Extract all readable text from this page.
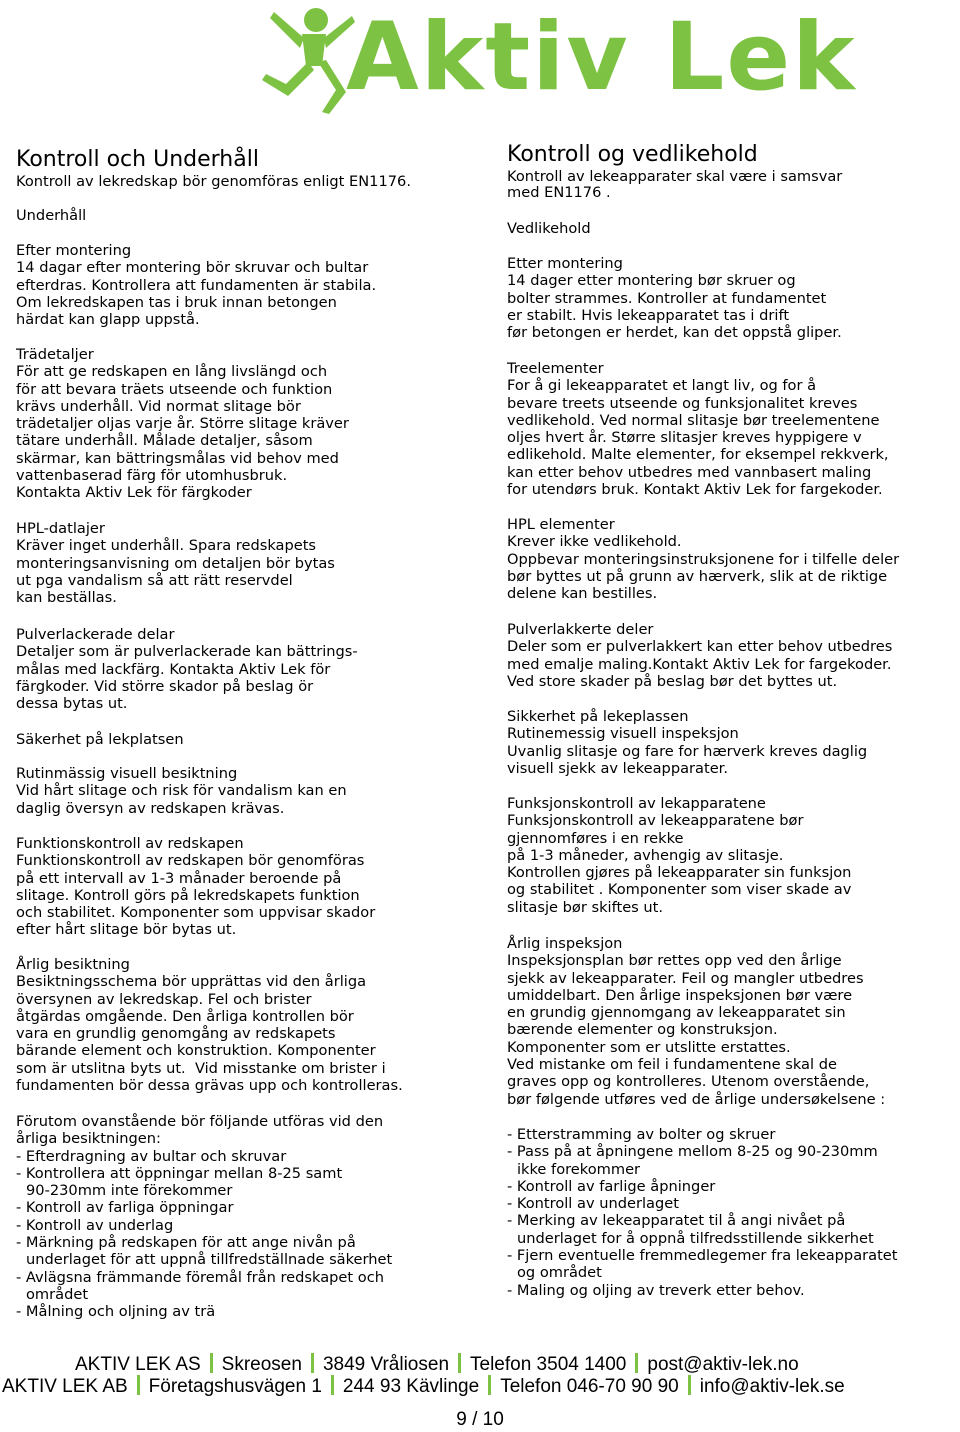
Aktiv Lek
Kontroll och Underhåll

Kontroll av lekredskap bör genomföras enligt EN1176.

Underhåll

Efter montering

14 dagar efter montering bör skruvar och bultar
efterdras. Kontrollera att fundamenten är stabila.
Om lekredskapen tas i bruk innan betongen
härdat kan glapp uppstå.

Trädetaljer

För att ge redskapen en lång livslängd och
för att bevara träets utseende och funktion
krävs underhåll. Vid normat slitage bör
trädetaljer oljas varje år. Större slitage kräver
tätare underhåll. Målade detaljer, såsom
skärmar, kan bättringsmålas vid behov med
vattenbaserad färg för utomhusbruk.
Kontakta Aktiv Lek för färgkoder

HPL-datlajer

Kräver inget underhåll. Spara redskapets
monteringsanvisning om detaljen bör bytas
ut pga vandalism så att rätt reservdel
kan beställas.

Pulverlackerade delar

Detaljer som är pulverlackerade kan bättrings-
målas med lackfärg. Kontakta Aktiv Lek för
färgkoder. Vid större skador på beslag ör
dessa bytas ut.

Säkerhet på lekplatsen

Rutinmässig visuell besiktning

Vid hårt slitage och risk för vandalism kan en
daglig översyn av redskapen krävas.

Funktionskontroll av redskapen

Funktionskontroll av redskapen bör genomföras
på ett intervall av 1-3 månader beroende på
slitage. Kontroll görs på lekredskapets funktion
och stabilitet. Komponenter som uppvisar skador
efter hårt slitage bör bytas ut.

Årlig besiktning

Besiktningsschema bör upprättas vid den årliga
översynen av lekredskap. Fel och brister
åtgärdas omgående. Den årliga kontrollen bör
vara en grundlig genomgång av redskapets
bärande element och konstruktion. Komponenter
som är utslitna byts ut.  Vid misstanke om brister i
fundamenten bör dessa grävas upp och kontrolleras.

Förutom ovanstående bör följande utföras vid den
årliga besiktningen:

- Efterdragning av bultar och skruvar
- Kontrollera att öppningar mellan 8-25 samt
90-230mm inte förekommer
- Kontroll av farliga öppningar
- Kontroll av underlag
- Märkning på redskapen för att ange nivån på
underlaget för att uppnå tillfredställnade säkerhet
- Avlägsna främmande föremål från redskapet och
området
- Målning och oljning av trä
Kontroll og vedlikehold

Kontroll av lekeapparater skal være i samsvar
med EN1176 .

Vedlikehold

Etter montering

14 dager etter montering bør skruer og
bolter strammes. Kontroller at fundamentet
er stabilt. Hvis lekeapparatet tas i drift
før betongen er herdet, kan det oppstå gliper.

Treelementer

For å gi lekeapparatet et langt liv, og for å
bevare treets utseende og funksjonalitet kreves
vedlikehold. Ved normal slitasje bør treelementene
oljes hvert år. Større slitasjer kreves hyppigere v
edlikehold. Malte elementer, for eksempel rekkverk,
kan etter behov utbedres med vannbasert maling
for utendørs bruk. Kontakt Aktiv Lek for fargekoder.

HPL elementer

Krever ikke vedlikehold.
Oppbevar monteringsinstruksjonene for i tilfelle deler
bør byttes ut på grunn av hærverk, slik at de riktige
delene kan bestilles.

Pulverlakkerte deler

Deler som er pulverlakkert kan etter behov utbedres
med emalje maling.Kontakt Aktiv Lek for fargekoder.
Ved store skader på beslag bør det byttes ut.

Sikkerhet på lekeplassen

Rutinemessig visuell inspeksjon
Uvanlig slitasje og fare for hærverk kreves daglig
visuell sjekk av lekeapparater.

Funksjonskontroll av lekapparatene

Funksjonskontroll av lekeapparatene bør
gjennomføres i en rekke
på 1-3 måneder, avhengig av slitasje.
Kontrollen gjøres på lekeapparater sin funksjon
og stabilitet . Komponenter som viser skade av
slitasje bør skiftes ut.

Årlig inspeksjon

Inspeksjonsplan bør rettes opp ved den årlige
sjekk av lekeapparater. Feil og mangler utbedres
umiddelbart. Den årlige inspeksjonen bør være
en grundig gjennomgang av lekeapparatet sin
bærende elementer og konstruksjon.
Komponenter som er utslitte erstattes.
Ved mistanke om feil i fundamentene skal de
graves opp og kontrolleres. Utenom overstående,
bør følgende utføres ved de årlige undersøkelsene :

- Etterstramming av bolter og skruer
- Pass på at åpningene mellom 8-25 og 90-230mm
ikke forekommer
- Kontroll av farlige åpninger
- Kontroll av underlaget
- Merking av lekeapparatet til å angi nivået på
underlaget for å oppnå tilfredsstillende sikkerhet
- Fjern eventuelle fremmedlegemer fra lekeapparatet
og området
- Maling og oljing av treverk etter behov.
AKTIV LEK AS Skreosen 3849 Vråliosen Telefon 3504 1400 post@aktiv-lek.no
AKTIV LEK AB Företagshusvägen 1 244 93 Kävlinge Telefon 046-70 90 90 info@aktiv-lek.se
9 / 10
